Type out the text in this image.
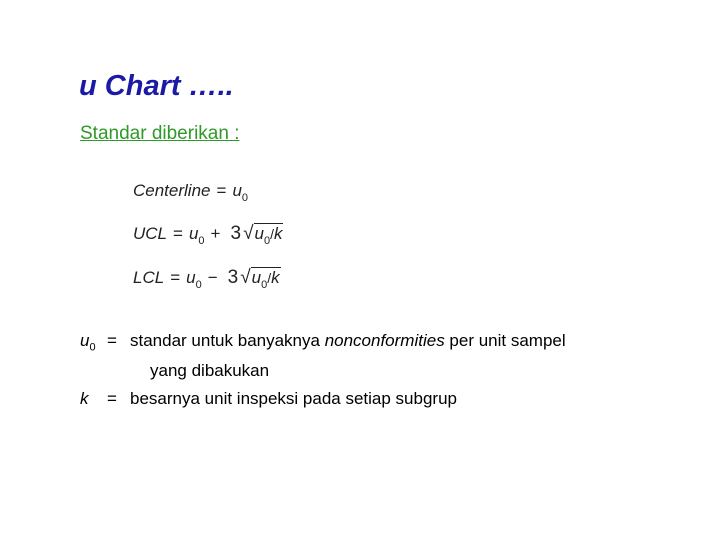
u Chart …..
Standar diberikan :
Centerline = $u_0$
UCL = $u_0 + 3$ $√u_0/k$
LCL = $u_0 - 3$ $√u_0/k$
$u_0$ = standar untuk banyaknya nonconformities per unit sampel
yang dibakukan
k	= besarnya unit inspeksi pada setiap subgrup
